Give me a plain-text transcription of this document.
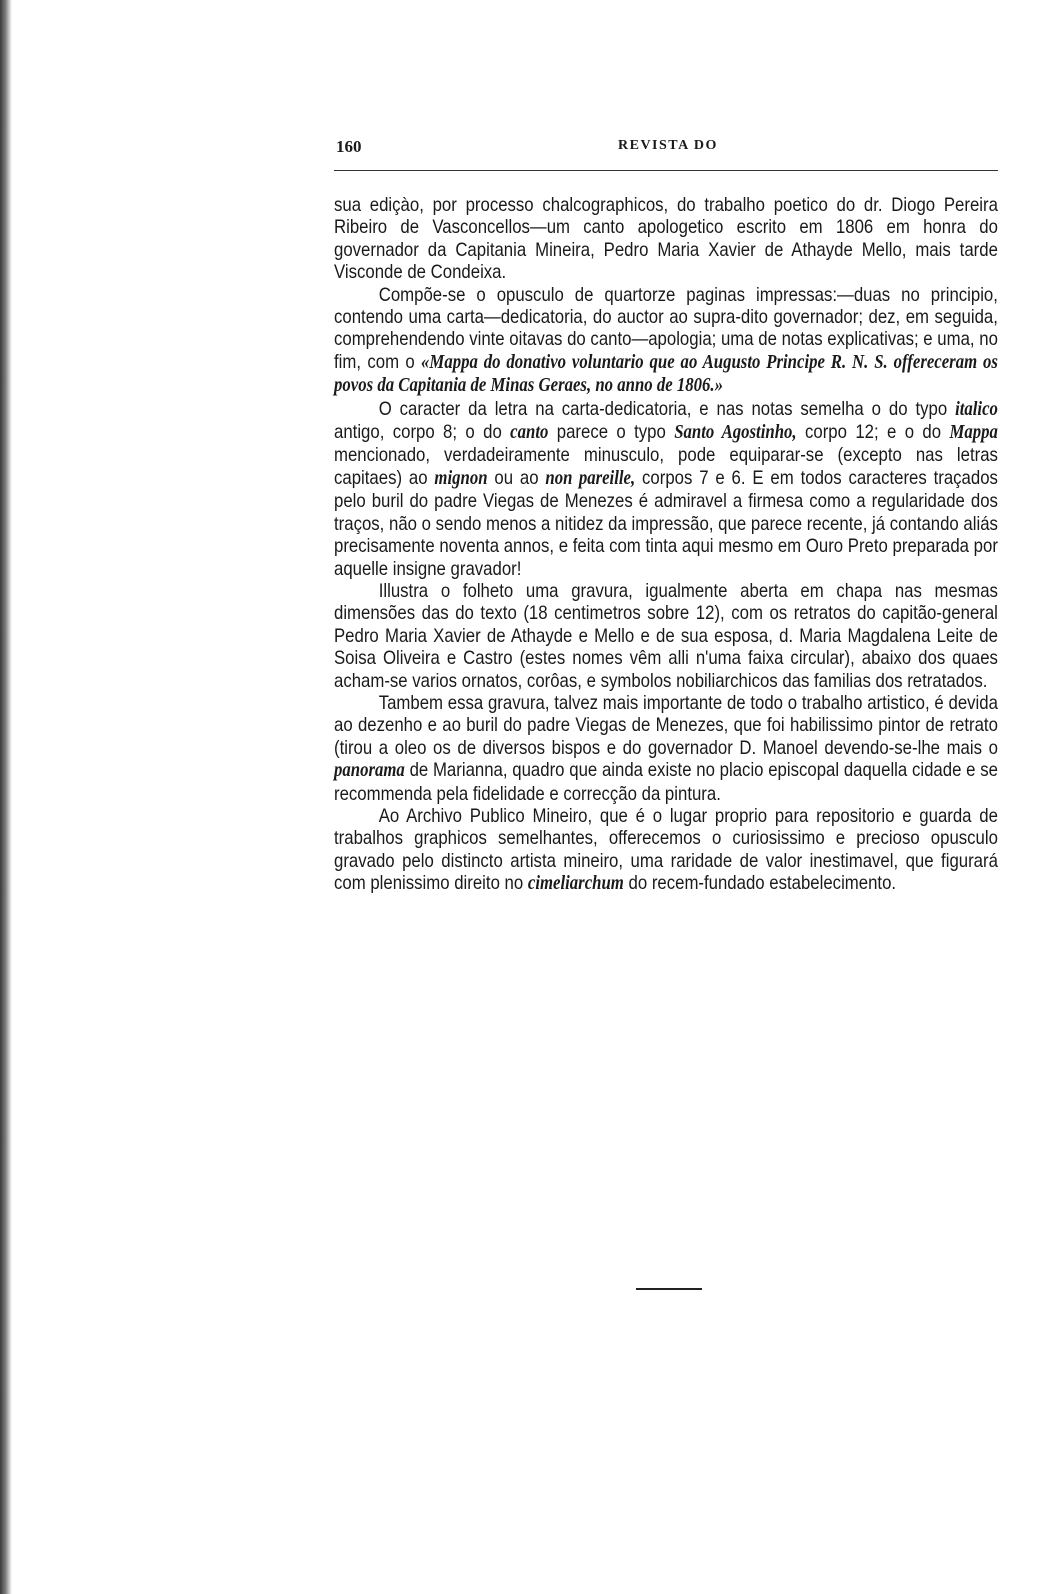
160	REVISTA DO

sua ediçào, por processo chalcographicos, do trabalho poetico do dr. Diogo Pereira Ribeiro de Vasconcellos—um canto apologetico escrito em 1806 em honra do governador da Capitania Mineira, Pedro Maria Xavier de Athayde Mello, mais tarde Visconde de Condeixa.

Compõe-se o opusculo de quartorze paginas impressas:—duas no principio, contendo uma carta—dedicatoria, do auctor ao supra-dito governador; dez, em seguida, comprehendendo vinte oitavas do canto—apologia; uma de notas explicativas; e uma, no fim, com o «Mappa do donativo voluntario que ao Augusto Principe R. N. S. offereceram os povos da Capitania de Minas Geraes, no anno de 1806.»

O caracter da letra na carta-dedicatoria, e nas notas semelha o do typo italico antigo, corpo 8; o do canto parece o typo Santo Agostinho, corpo 12; e o do Mappa mencionado, verdadeiramente minusculo, pode equiparar-se (excepto nas letras capitaes) ao mignon ou ao non pareille, corpos 7 e 6. E em todos caracteres traçados pelo buril do padre Viegas de Menezes é admiravel a firmesa como a regularidade dos traços, não o sendo menos a nitidez da impressão, que parece recente, já contando aliás precisamente noventa annos, e feita com tinta aqui mesmo em Ouro Preto preparada por aquelle insigne gravador!

Illustra o folheto uma gravura, igualmente aberta em chapa nas mesmas dimensões das do texto (18 centimetros sobre 12), com os retratos do capitão-general Pedro Maria Xavier de Athayde e Mello e de sua esposa, d. Maria Magdalena Leite de Soisa Oliveira e Castro (estes nomes vêm alli n'uma faixa circular), abaixo dos quaes acham-se varios ornatos, corôas, e symbolos nobiliarchicos das familias dos retratados.

Tambem essa gravura, talvez mais importante de todo o trabalho artistico, é devida ao dezenho e ao buril do padre Viegas de Menezes, que foi habilissimo pintor de retrato (tirou a oleo os de diversos bispos e do governador D. Manoel devendo-se-lhe mais o panorama de Marianna, quadro que ainda existe no placio episcopal daquella cidade e se recommenda pela fidelidade e correcção da pintura.

Ao Archivo Publico Mineiro, que é o lugar proprio para repositorio e guarda de trabalhos graphicos semelhantes, offerecemos o curiosissimo e precioso opusculo gravado pelo distincto artista mineiro, uma raridade de valor inestimavel, que figurará com plenissimo direito no cimeliarchum do recem-fundado estabelecimento.
